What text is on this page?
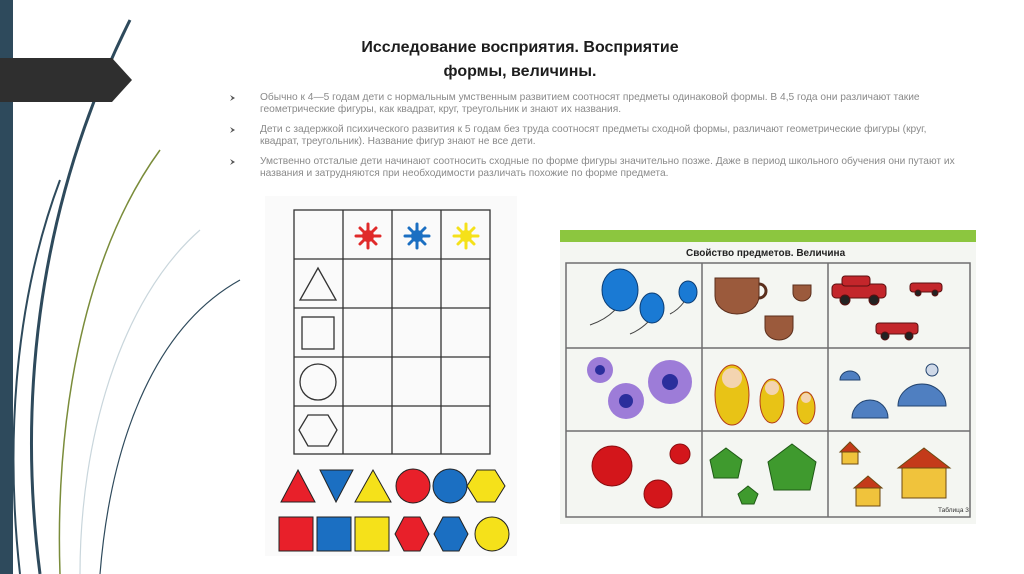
Исследование восприятия. Восприятие
формы, величины.
Обычно к 4—5 годам дети с нормальным умственным развитием соотносят предметы одинаковой формы. В 4,5 года они различают такие геометрические фигуры, как квадрат, круг, треугольник и знают их названия.
Дети с задержкой психического развития к 5 годам без труда соотносят предметы сходной формы, различают геометрические фигуры (круг, квадрат, треугольник). Название фигур знают не все дети.
Умственно отсталые дети начинают соотносить сходные по форме фигуры значительно позже. Даже в период школьного обучения они путают их названия и затрудняются при необходимости различать похожие по форме предмета.
Свойство предметов. Величина
Таблица 3
